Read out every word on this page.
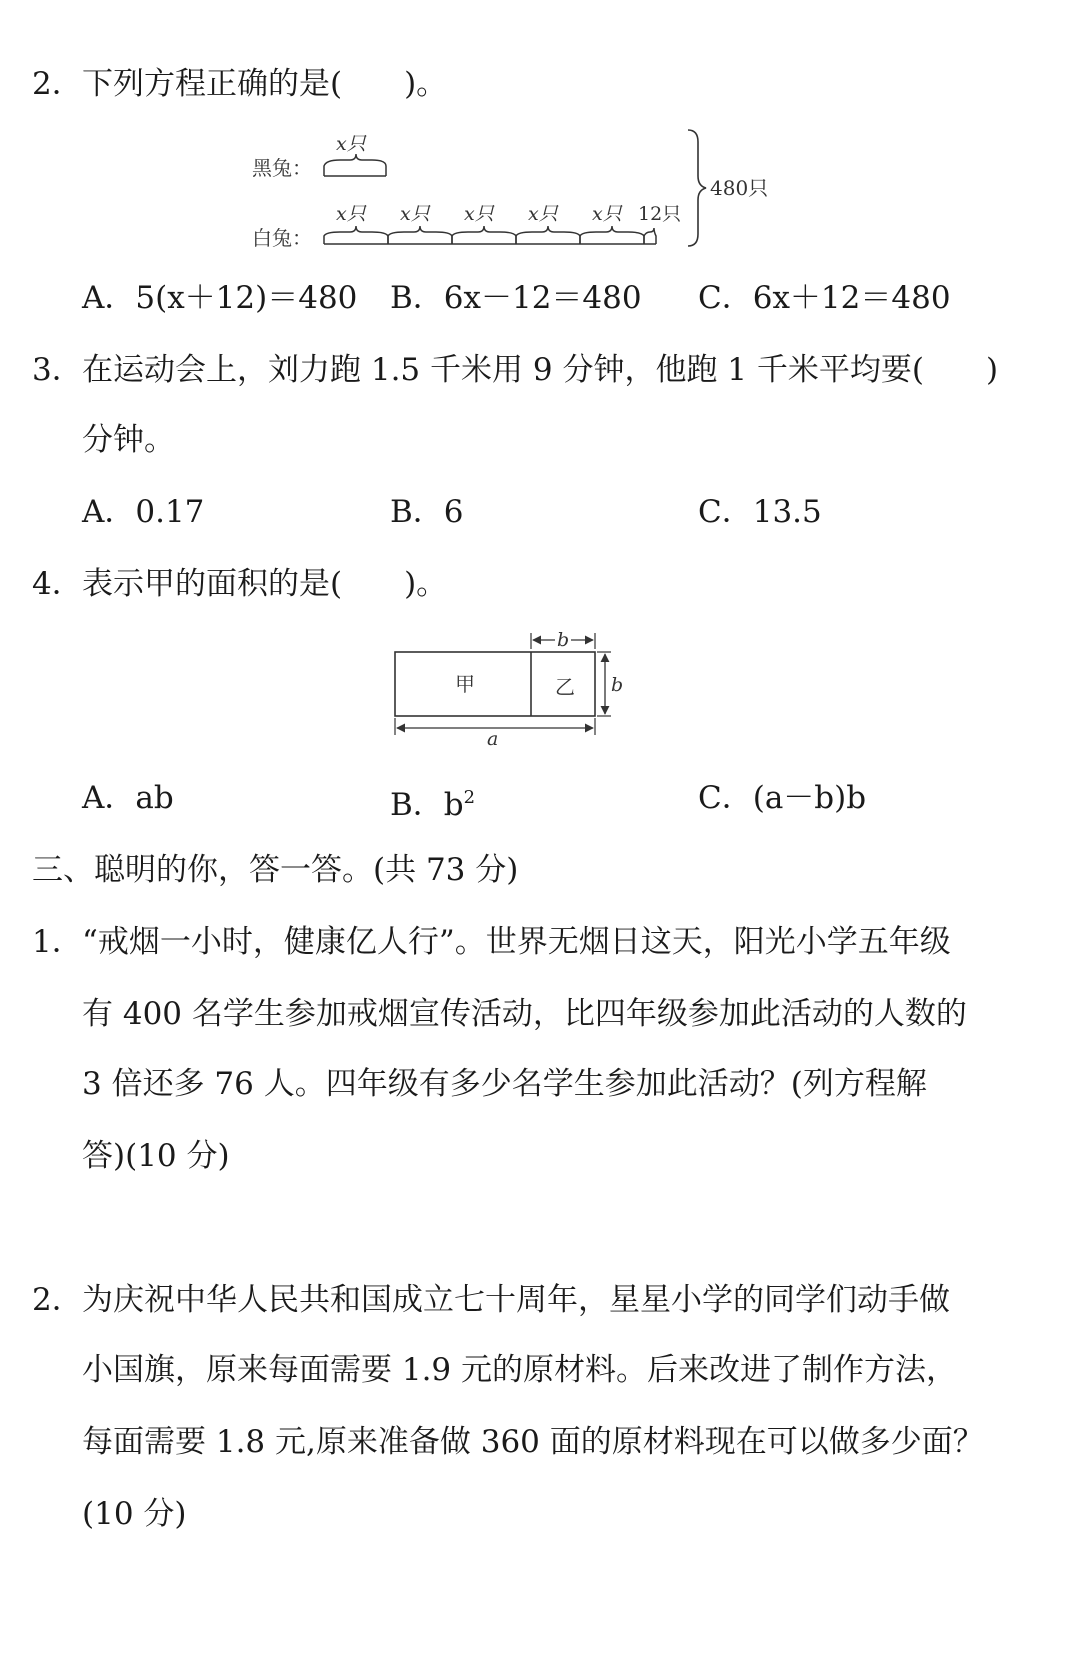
2． 下列方程正确的是(　　)。
黑兔：
白兔：
x只
x只 x只 x只 x只 x只 12只
480只
A．5(x＋12)＝480 B．6x－12＝480 C．6x＋12＝480
3． 在运动会上，刘力跑 1.5 千米用 9 分钟，他跑 1 千米平均要(　　)
分钟。
A．0.17	B．6	C．13.5
4． 表示甲的面积的是(　　)。
甲	乙
b
b
a
A．ab	B．$b^2$	C．(a－b)b
三、聪明的你，答一答。(共 73 分)
1． “戒烟一小时，健康亿人行”。世界无烟日这天，阳光小学五年级
有 400 名学生参加戒烟宣传活动，比四年级参加此活动的人数的
3 倍还多 76 人。四年级有多少名学生参加此活动？(列方程解
答)(10 分)
2． 为庆祝中华人民共和国成立七十周年，星星小学的同学们动手做
小国旗，原来每面需要 1.9 元的原材料。后来改进了制作方法，
每面需要 1.8 元,原来准备做 360 面的原材料现在可以做多少面？
(10 分)
